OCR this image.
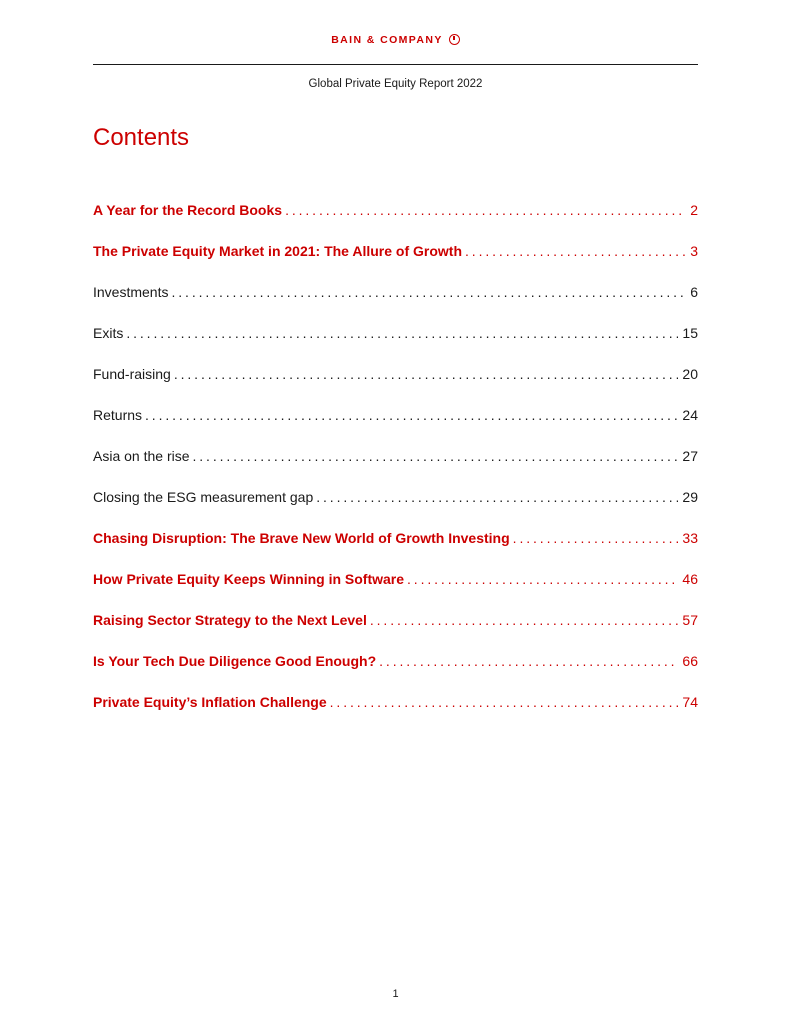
BAIN & COMPANY
Global Private Equity Report 2022
Contents
A Year for the Record Books . . .	2
The Private Equity Market in 2021: The Allure of Growth . . .	3
Investments . . .	6
Exits . . .	15
Fund-raising . . .	20
Returns . . .	24
Asia on the rise . . .	27
Closing the ESG measurement gap . . .	29
Chasing Disruption: The Brave New World of Growth Investing . . .	33
How Private Equity Keeps Winning in Software . . .	46
Raising Sector Strategy to the Next Level . . .	57
Is Your Tech Due Diligence Good Enough? . . .	66
Private Equity’s Inflation Challenge . . .	74
1
